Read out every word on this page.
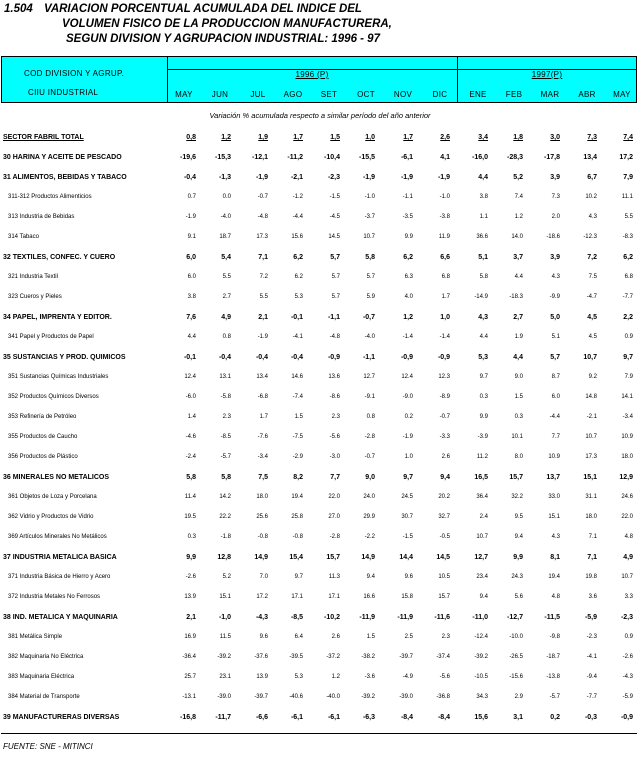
1.504 VARIACION PORCENTUAL ACUMULADA DEL INDICE DEL
VOLUMEN FISICO DE LA PRODUCCION MANUFACTURERA,
SEGUN DIVISION Y AGRUPACION INDUSTRIAL: 1996 - 97
COD DIVISION Y AGRUP.
CIIU INDUSTRIAL
1996 (P)	1997(P)
MAY	JUN	JUL	AGO	SET	OCT	NOV	DIC	ENE	FEB	MAR	ABR	MAY
Variación % acumulada respecto a similar período del año anterior
SECTOR FABRIL TOTAL	0,8	1,2	1,9	1,7	1,5	1,0	1,7	2,6	3,4	1,8	3,0	7,3	7,4
30 HARINA Y ACEITE DE PESCADO	-19,6	-15,3	-12,1	-11,2	-10,4	-15,5	-6,1	4,1	-16,0	-28,3	-17,8	13,4	17,2
31 ALIMENTOS, BEBIDAS Y TABACO	-0,4	-1,3	-1,9	-2,1	-2,3	-1,9	-1,9	-1,9	4,4	5,2	3,9	6,7	7,9
311-312 Productos Alimenticios	0.7	0.0	-0.7	-1.2	-1.5	-1.0	-1.1	-1.0	3.8	7.4	7.3	10.2	11.1
313 Industria de Bebidas	-1.9	-4.0	-4.8	-4.4	-4.5	-3.7	-3.5	-3.8	1.1	1.2	2.0	4.3	5.5
314 Tabaco	9.1	18.7	17.3	15.6	14.5	10.7	9.9	11.9	36.6	14.0	-18.6	-12.3	-8.3
32 TEXTILES, CONFEC. Y CUERO	6,0	5,4	7,1	6,2	5,7	5,8	6,2	6,6	5,1	3,7	3,9	7,2	6,2
321 Industria Textil	6.0	5.5	7.2	6.2	5.7	5.7	6.3	6.8	5.8	4.4	4.3	7.5	6.8
323 Cueros y Pieles	3.8	2.7	5.5	5.3	5.7	5.9	4.0	1.7	-14.9	-18.3	-9.9	-4.7	-7.7
34 PAPEL, IMPRENTA Y EDITOR.	7,6	4,9	2,1	-0,1	-1,1	-0,7	1,2	1,0	4,3	2,7	5,0	4,5	2,2
341 Papel y Productos de Papel	4.4	0.8	-1.9	-4.1	-4.8	-4.0	-1.4	-1.4	4.4	1.9	5.1	4.5	0.9
35 SUSTANCIAS Y PROD. QUIMICOS	-0,1	-0,4	-0,4	-0,4	-0,9	-1,1	-0,9	-0,9	5,3	4,4	5,7	10,7	9,7
351 Sustancias Químicas Industriales	12.4	13.1	13.4	14.6	13.6	12.7	12.4	12.3	9.7	9.0	8.7	9.2	7.9
352 Productos Químicos Diversos	-6.0	-5.8	-6.8	-7.4	-8.6	-9.1	-9.0	-8.9	0.3	1.5	6.0	14.8	14.1
353 Refinería de Petróleo	1.4	2.3	1.7	1.5	2.3	0.8	0.2	-0.7	9.9	0.3	-4.4	-2.1	-3.4
355 Productos de Caucho	-4.6	-8.5	-7.6	-7.5	-5.6	-2.8	-1.9	-3.3	-3.9	10.1	7.7	10.7	10.9
356 Productos de Plástico	-2.4	-5.7	-3.4	-2.9	-3.0	-0.7	1.0	2.6	11.2	8.0	10.9	17.3	18.0
36 MINERALES NO METALICOS	5,8	5,8	7,5	8,2	7,7	9,0	9,7	9,4	16,5	15,7	13,7	15,1	12,9
361 Objetos de Loza y Porcelana	11.4	14.2	18.0	19.4	22.0	24.0	24.5	20.2	36.4	32.2	33.0	31.1	24.6
362 Vidrio y Productos de Vidrio	19.5	22.2	25.6	25.8	27.0	29.9	30.7	32.7	2.4	9.5	15.1	18.0	22.0
369 Artículos Minerales No Metálicos	0.3	-1.8	-0.8	-0.8	-2.8	-2.2	-1.5	-0.5	10.7	9.4	4.3	7.1	4.8
37 INDUSTRIA METALICA BASICA	9,9	12,8	14,9	15,4	15,7	14,9	14,4	14,5	12,7	9,9	8,1	7,1	4,9
371 Industria Básica de Hierro y Acero	-2.6	5.2	7.0	9.7	11.3	9.4	9.6	10.5	23.4	24.3	19.4	19.8	10.7
372 Industria Metales No Ferrosos	13.9	15.1	17.2	17.1	17.1	16.6	15.8	15.7	9.4	5.6	4.8	3.6	3.3
38 IND. METALICA Y MAQUINARIA	2,1	-1,0	-4,3	-8,5	-10,2	-11,9	-11,9	-11,6	-11,0	-12,7	-11,5	-5,9	-2,3
381 Metálica Simple	16.9	11.5	9.6	6.4	2.6	1.5	2.5	2.3	-12.4	-10.0	-9.8	-2.3	0.9
382 Maquinaria No Eléctrica	-36.4	-39.2	-37.6	-39.5	-37.2	-38.2	-39.7	-37.4	-39.2	-26.5	-18.7	-4.1	-2.6
383 Maquinaria Eléctrica	25.7	23.1	13.9	5.3	1.2	-3.6	-4.9	-5.6	-10.5	-15.6	-13.8	-9.4	-4.3
384 Material de Transporte	-13.1	-39.0	-39.7	-40.6	-40.0	-39.2	-39.0	-36.8	34.3	2.9	-5.7	-7.7	-5.9
39 MANUFACTURERAS DIVERSAS	-16,8	-11,7	-6,6	-6,1	-6,1	-6,3	-8,4	-8,4	15,6	3,1	0,2	-0,3	-0,9
FUENTE: SNE - MITINCI
